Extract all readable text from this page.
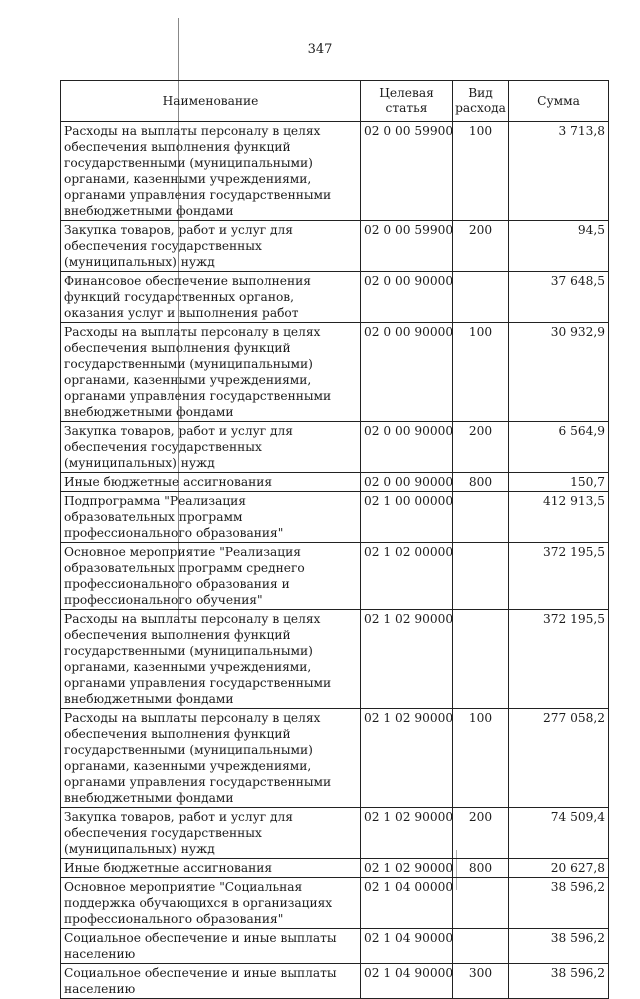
347
Наименование	Целевая статья	Вид расхода	Сумма
Расходы на выплаты персоналу в целях обеспечения выполнения функций государственными (муниципальными) органами, казенными учреждениями, органами управления государственными внебюджетными фондами	02 0 00 59900	100	3 713,8
Закупка товаров, работ и услуг для обеспечения государственных (муниципальных) нужд	02 0 00 59900	200	94,5
Финансовое обеспечение выполнения функций государственных органов, оказания услуг и выполнения работ	02 0 00 90000		37 648,5
Расходы на выплаты персоналу в целях обеспечения выполнения функций государственными (муниципальными) органами, казенными учреждениями, органами управления государственными внебюджетными фондами	02 0 00 90000	100	30 932,9
Закупка товаров, работ и услуг для обеспечения государственных (муниципальных) нужд	02 0 00 90000	200	6 564,9
Иные бюджетные ассигнования	02 0 00 90000	800	150,7
Подпрограмма "Реализация образовательных программ профессионального образования"	02 1 00 00000		412 913,5
Основное мероприятие "Реализация образовательных программ среднего профессионального образования и профессионального обучения"	02 1 02 00000		372 195,5
Расходы на выплаты персоналу в целях обеспечения выполнения функций государственными (муниципальными) органами, казенными учреждениями, органами управления государственными внебюджетными фондами	02 1 02 90000		372 195,5
Расходы на выплаты персоналу в целях обеспечения выполнения функций государственными (муниципальными) органами, казенными учреждениями, органами управления государственными внебюджетными фондами	02 1 02 90000	100	277 058,2
Закупка товаров, работ и услуг для обеспечения государственных (муниципальных) нужд	02 1 02 90000	200	74 509,4
Иные бюджетные ассигнования	02 1 02 90000	800	20 627,8
Основное мероприятие "Социальная поддержка обучающихся в организациях профессионального образования"	02 1 04 00000		38 596,2
Социальное обеспечение и иные выплаты населению	02 1 04 90000		38 596,2
Социальное обеспечение и иные выплаты населению	02 1 04 90000	300	38 596,2
